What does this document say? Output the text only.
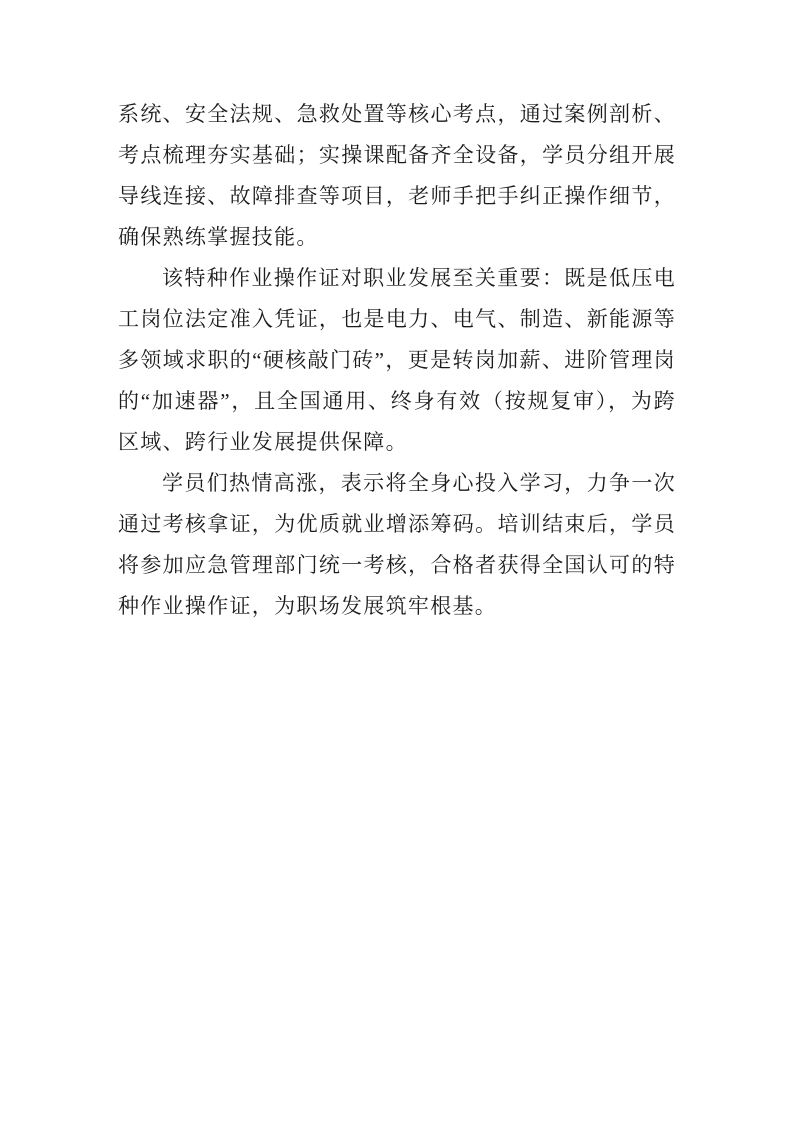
系统、安全法规、急救处置等核心考点，通过案例剖析、考点梳理夯实基础；实操课配备齐全设备，学员分组开展导线连接、故障排查等项目，老师手把手纠正操作细节，确保熟练掌握技能。

该特种作业操作证对职业发展至关重要：既是低压电工岗位法定准入凭证，也是电力、电气、制造、新能源等多领域求职的“硬核敲门砖”，更是转岗加薪、进阶管理岗的“加速器”，且全国通用、终身有效（按规复审），为跨区域、跨行业发展提供保障。

学员们热情高涨，表示将全身心投入学习，力争一次通过考核拿证，为优质就业增添筹码。培训结束后，学员将参加应急管理部门统一考核，合格者获得全国认可的特种作业操作证，为职场发展筑牢根基。
